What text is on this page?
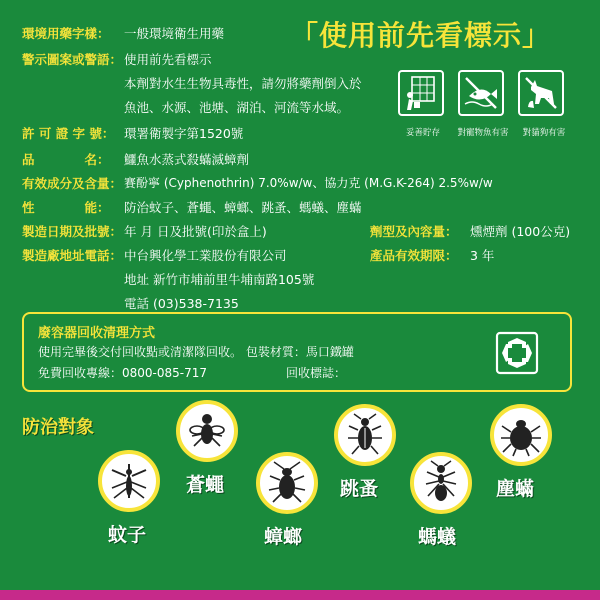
「使用前先看標示」
環境用藥字樣： 一般環境衛生用藥
警示圖案或警語： 使用前先看標示
本劑對水生生物具毒性，請勿將藥劑倒入於
魚池、水源、池塘、湖泊、河流等水域。
許 可 證 字 號： 環署衛製字第1520號
品　　　　名： 鱷魚水蒸式殺蟎滅蟑劑
有效成分及含量： 賽酚寧 (Cyphenothrin) 7.0%w/w、協力克 (M.G.K-264) 2.5%w/w
性　　　　能： 防治蚊子、蒼蠅、蟑螂、跳蚤、螞蟻、塵蟎
製造日期及批號： 年 月 日及批號(印於盒上)
製造廠地址電話： 中台興化學工業股份有限公司
地址 新竹市埔前里牛埔南路105號
電話 (03)538-7135
劑型及內容量： 燻煙劑 (100公克)
產品有效期限： 3 年
妥善貯存	對寵物魚有害	對貓狗有害
廢容器回收清理方式
使用完畢後交付回收點或清潔隊回收。 包裝材質：馬口鐵罐
免費回收專線：0800-085-717	回收標誌：
防治對象
蚊子
蒼蠅
蟑螂
跳蚤
螞蟻
塵蟎
